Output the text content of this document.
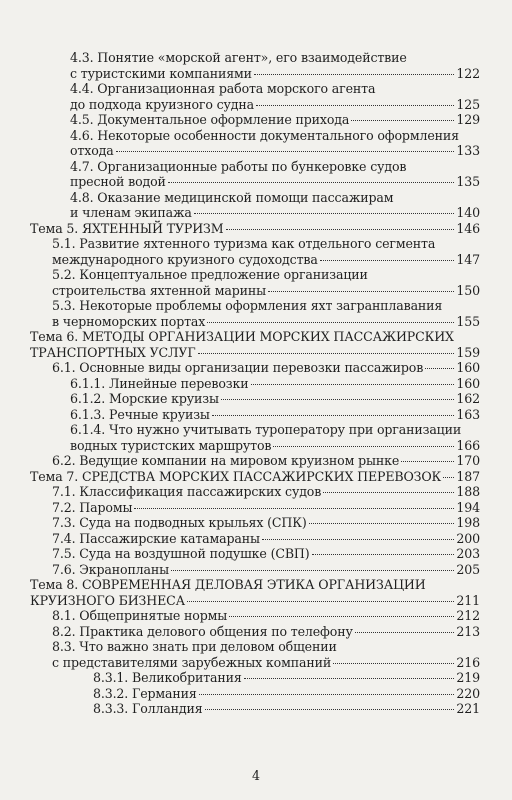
4.3. Понятие «морской агент», его взаимодействие
с туристскими компаниями	122
4.4. Организационная работа морского агента
до подхода круизного судна	125
4.5. Документальное оформление прихода	129
4.6. Некоторые особенности документального оформления
отхода	133
4.7. Организационные работы по бункеровке судов
пресной водой	135
4.8. Оказание медицинской помощи пассажирам
и членам экипажа	140
Тема 5. ЯХТЕННЫЙ ТУРИЗМ	146
5.1. Развитие яхтенного туризма как отдельного сегмента
международного круизного судоходства	147
5.2. Концептуальное предложение организации
строительства яхтенной марины	150
5.3. Некоторые проблемы оформления яхт загранплавания
в черноморских портах	155
Тема 6. МЕТОДЫ ОРГАНИЗАЦИИ МОРСКИХ ПАССАЖИРСКИХ
ТРАНСПОРТНЫХ УСЛУГ	159
6.1. Основные виды организации перевозки пассажиров	160
6.1.1. Линейные перевозки	160
6.1.2. Морские круизы	162
6.1.3. Речные круизы	163
6.1.4. Что нужно учитывать туроператору при организации
водных туристских маршрутов	166
6.2. Ведущие компании на мировом круизном рынке	170
Тема 7. СРЕДСТВА МОРСКИХ ПАССАЖИРСКИХ ПЕРЕВОЗОК 187
7.1. Классификация пассажирских судов	188
7.2. Паромы	194
7.3. Суда на подводных крыльях (СПК)	198
7.4. Пассажирские катамараны	200
7.5. Суда на воздушной подушке (СВП)	203
7.6. Экранопланы	205
Тема 8. СОВРЕМЕННАЯ ДЕЛОВАЯ ЭТИКА ОРГАНИЗАЦИИ
КРУИЗНОГО БИЗНЕСА	211
8.1. Общепринятые нормы	212
8.2. Практика делового общения по телефону	213
8.3. Что важно знать при деловом общении
с представителями зарубежных компаний	216
8.3.1. Великобритания	219
8.3.2. Германия	220
8.3.3. Голландия	221
4
